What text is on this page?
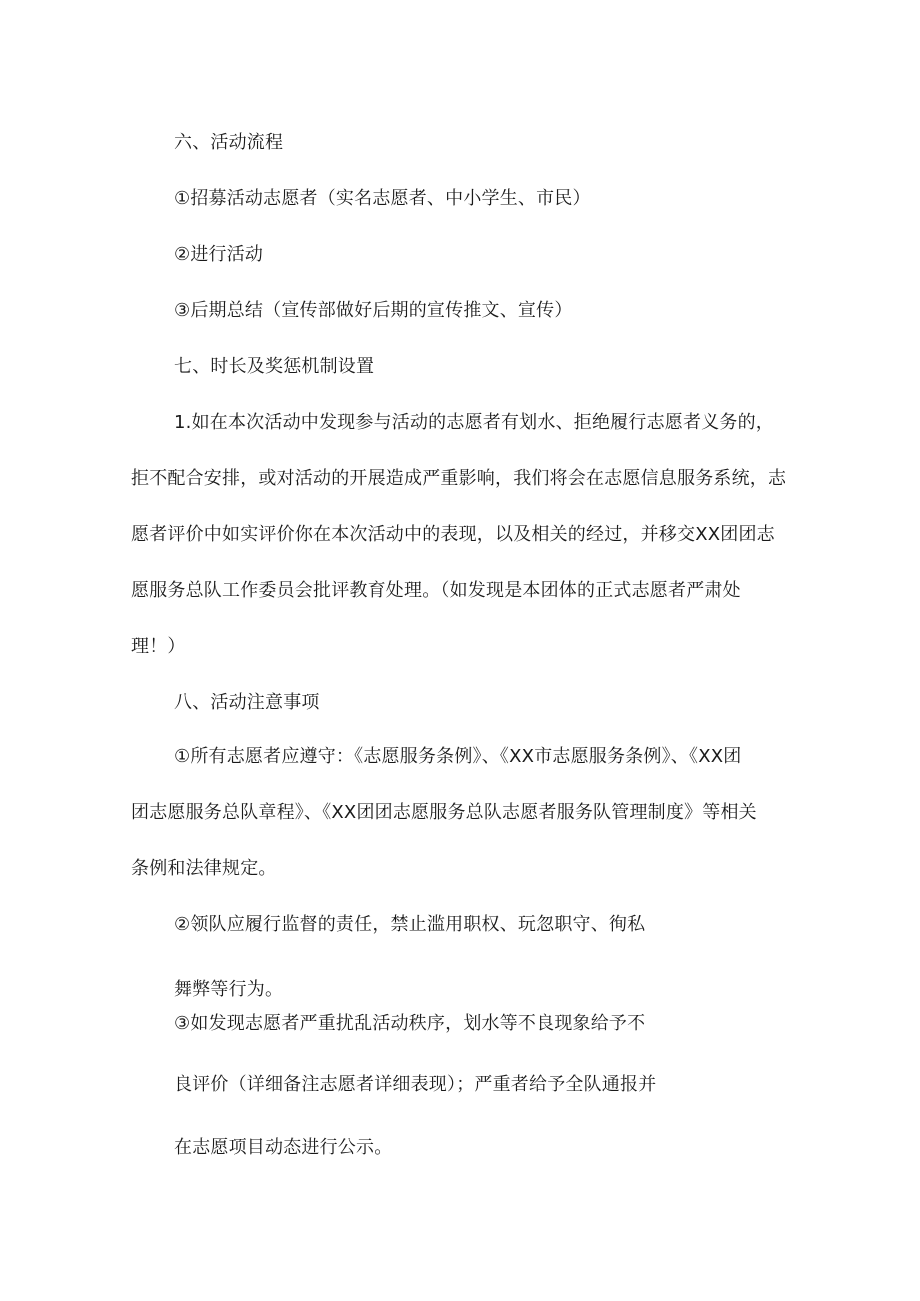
六、活动流程
①招募活动志愿者（实名志愿者、中小学生、市民）
②进行活动
③后期总结（宣传部做好后期的宣传推文、宣传）
七、时长及奖惩机制设置
1.如在本次活动中发现参与活动的志愿者有划水、拒绝履行志愿者义务的，
拒不配合安排，或对活动的开展造成严重影响，我们将会在志愿信息服务系统，志
愿者评价中如实评价你在本次活动中的表现，以及相关的经过，并移交XX团团志
愿服务总队工作委员会批评教育处理。（如发现是本团体的正式志愿者严肃处
理！）
八、活动注意事项
①所有志愿者应遵守：《志愿服务条例》、《XX市志愿服务条例》、《XX团
团志愿服务总队章程》、《XX团团志愿服务总队志愿者服务队管理制度》等相关
条例和法律规定。
②领队应履行监督的责任，禁止滥用职权、玩忽职守、徇私
舞弊等行为。
③如发现志愿者严重扰乱活动秩序，划水等不良现象给予不
良评价（详细备注志愿者详细表现）；严重者给予全队通报并
在志愿项目动态进行公示。
